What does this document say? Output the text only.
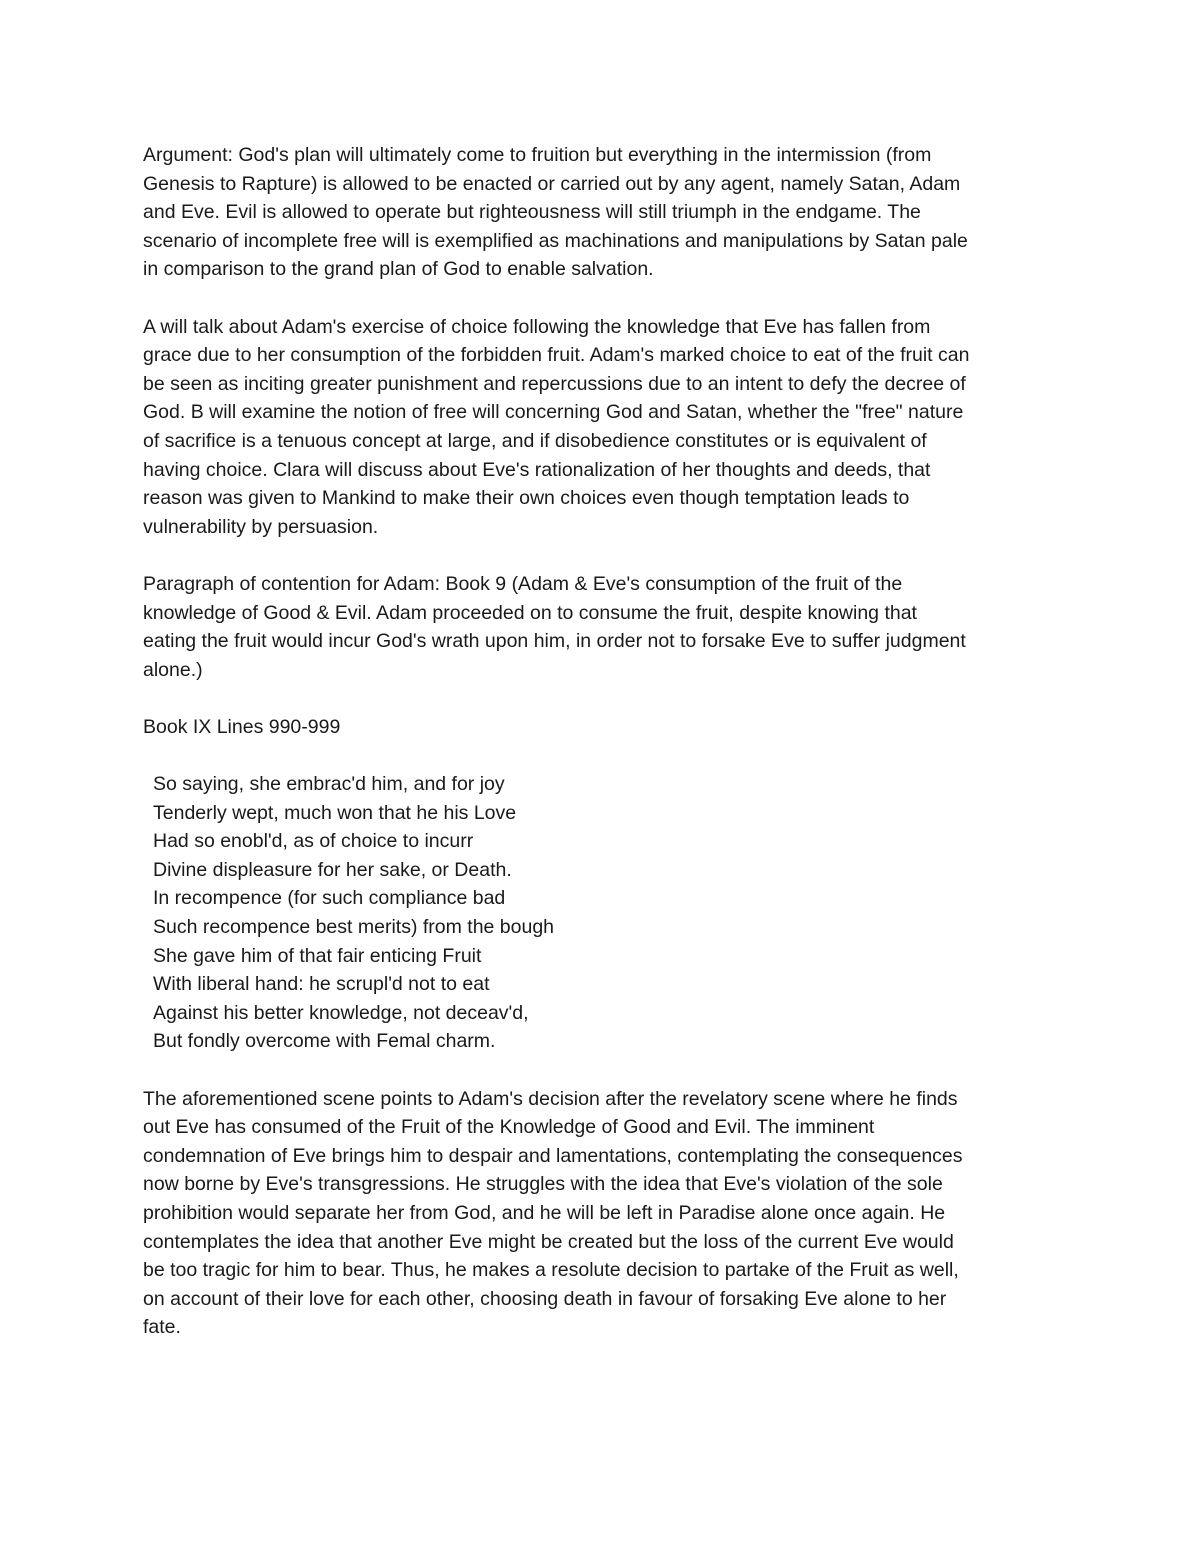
Argument: God's plan will ultimately come to fruition but everything in the intermission (from
Genesis to Rapture) is allowed to be enacted or carried out by any agent, namely Satan, Adam
and Eve. Evil is allowed to operate but righteousness will still triumph in the endgame. The
scenario of incomplete free will is exemplified as machinations and manipulations by Satan pale
in comparison to the grand plan of God to enable salvation.

A will talk about Adam's exercise of choice following the knowledge that Eve has fallen from
grace due to her consumption of the forbidden fruit. Adam's marked choice to eat of the fruit can
be seen as inciting greater punishment and repercussions due to an intent to defy the decree of
God. B will examine the notion of free will concerning God and Satan, whether the "free" nature
of sacrifice is a tenuous concept at large, and if disobedience constitutes or is equivalent of
having choice. Clara will discuss about Eve's rationalization of her thoughts and deeds, that
reason was given to Mankind to make their own choices even though temptation leads to
vulnerability by persuasion.

Paragraph of contention for Adam: Book 9 (Adam & Eve's consumption of the fruit of the
knowledge of Good & Evil. Adam proceeded on to consume the fruit, despite knowing that
eating the fruit would incur God's wrath upon him, in order not to forsake Eve to suffer judgment
alone.)

Book IX Lines 990-999

So saying, she embrac'd him, and for joy
Tenderly wept, much won that he his Love
Had so enobl'd, as of choice to incurr
Divine displeasure for her sake, or Death.
In recompence (for such compliance bad
Such recompence best merits) from the bough
She gave him of that fair enticing Fruit
With liberal hand: he scrupl'd not to eat
Against his better knowledge, not deceav'd,
But fondly overcome with Femal charm.

The aforementioned scene points to Adam's decision after the revelatory scene where he finds
out Eve has consumed of the Fruit of the Knowledge of Good and Evil. The imminent
condemnation of Eve brings him to despair and lamentations, contemplating the consequences
now borne by Eve's transgressions. He struggles with the idea that Eve's violation of the sole
prohibition would separate her from God, and he will be left in Paradise alone once again. He
contemplates the idea that another Eve might be created but the loss of the current Eve would
be too tragic for him to bear. Thus, he makes a resolute decision to partake of the Fruit as well,
on account of their love for each other, choosing death in favour of forsaking Eve alone to her
fate.
